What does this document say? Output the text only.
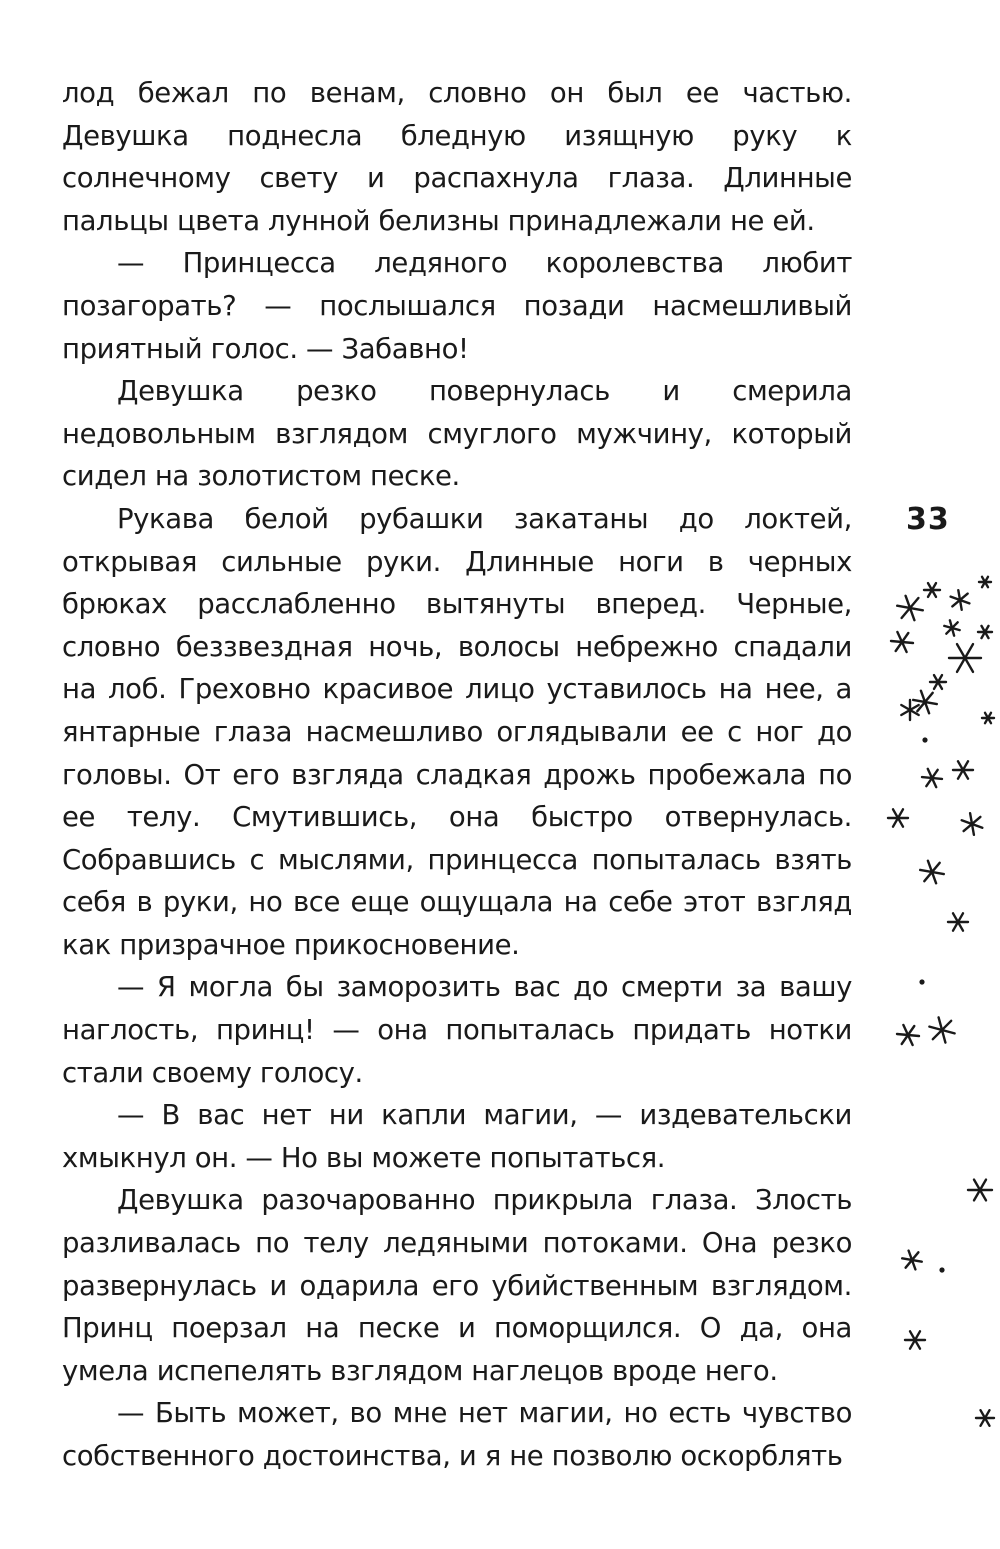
лод бежал по венам, словно он был ее частью. Девушка поднесла бледную изящную руку к солнечному свету и распахнула глаза. Длинные пальцы цвета лунной белизны принадлежали не ей.

— Принцесса ледяного королевства любит позагорать? — послышался позади насмешливый приятный голос. — Забавно!

Девушка резко повернулась и смерила недовольным взглядом смуглого мужчину, который сидел на золотистом песке.

Рукава белой рубашки закатаны до локтей, открывая сильные руки. Длинные ноги в черных брюках расслабленно вытянуты вперед. Черные, словно беззвездная ночь, волосы небрежно спадали на лоб. Греховно красивое лицо уставилось на нее, а янтарные глаза насмешливо оглядывали ее с ног до головы. От его взгляда сладкая дрожь пробежала по ее телу. Смутившись, она быстро отвернулась. Собравшись с мыслями, принцесса попыталась взять себя в руки, но все еще ощущала на себе этот взгляд как призрачное прикосновение.

— Я могла бы заморозить вас до смерти за вашу наглость, принц! — она попыталась придать нотки стали своему голосу.

— В вас нет ни капли магии, — издевательски хмыкнул он. — Но вы можете попытаться.

Девушка разочарованно прикрыла глаза. Злость разливалась по телу ледяными потоками. Она резко развернулась и одарила его убийственным взглядом. Принц поерзал на песке и поморщился. О да, она умела испепелять взглядом наглецов вроде него.

— Быть может, во мне нет магии, но есть чувство собственного достоинства, и я не позволю оскорблять

33
